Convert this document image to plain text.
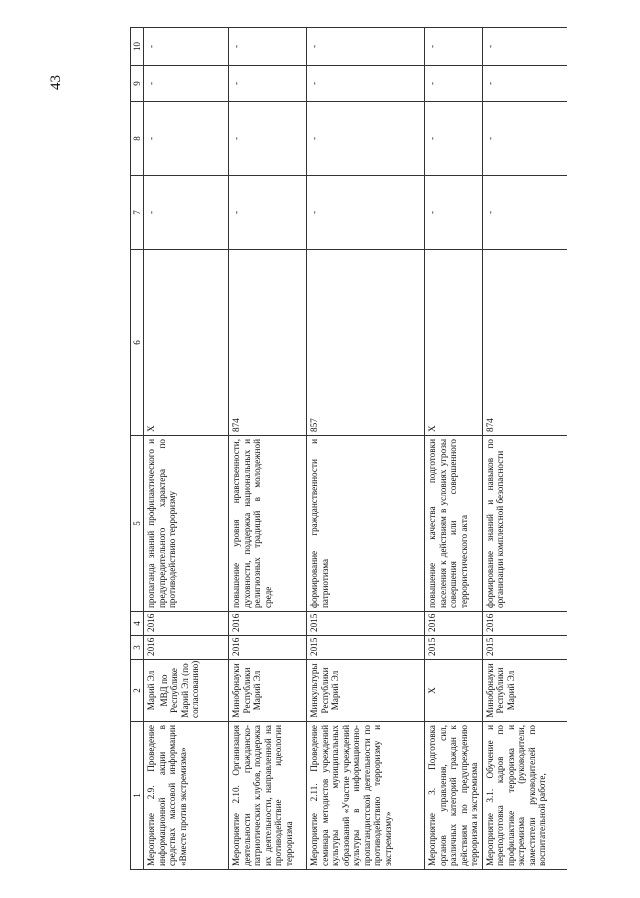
43
1	2	3	4	5	6	7	8	9	10
Мероприятие 2.9. Проведение информационной акции в средствах массовой информации «Вместе против экстремизма»	Марий Эл МВД по Республике Марий Эл (по согласованию)	2016	2016	пропаганда знаний профилактического и предупредительного характера по противодействию терроризму	Х	-	-	-	-
Мероприятие 2.10. Организация деятельности гражданско-патриотических клубов, поддержка их деятельности, направленной на противодействие идеологии терроризма	Минобрнауки Республики Марий Эл	2016	2016	повышение уровня нравственности, духовности, поддержка национальных и религиозных традиций в молодежной среде	874	-	-	-	-
Мероприятие 2.11. Проведение семинара методистов учреждений культуры муниципальных образований «Участие учреждений культуры в информационно-пропагандистской деятельности по противодействию терроризму и экстремизму»	Минкультуры Республики Марий Эл	2015	2015	формирование гражданственности и патриотизма	857	-	-	-	-
Мероприятие 3. Подготовка органов управления, сил, различных категорий граждан к действиям по предупреждению терроризма и экстремизма	Х	2015	2016	повышение качества подготовки населения к действиям в условиях угрозы совершения или совершенного террористического акта	Х	-	-	-	-
Мероприятие 3.1. Обучение и переподготовка кадров по профилактике терроризма и экстремизма (руководители, заместители руководителей по воспитательной работе,	Минобрнауки Республики Марий Эл	2015	2016	формирование знаний и навыков по организации комплексной безопасности	874	-	-	-	-
